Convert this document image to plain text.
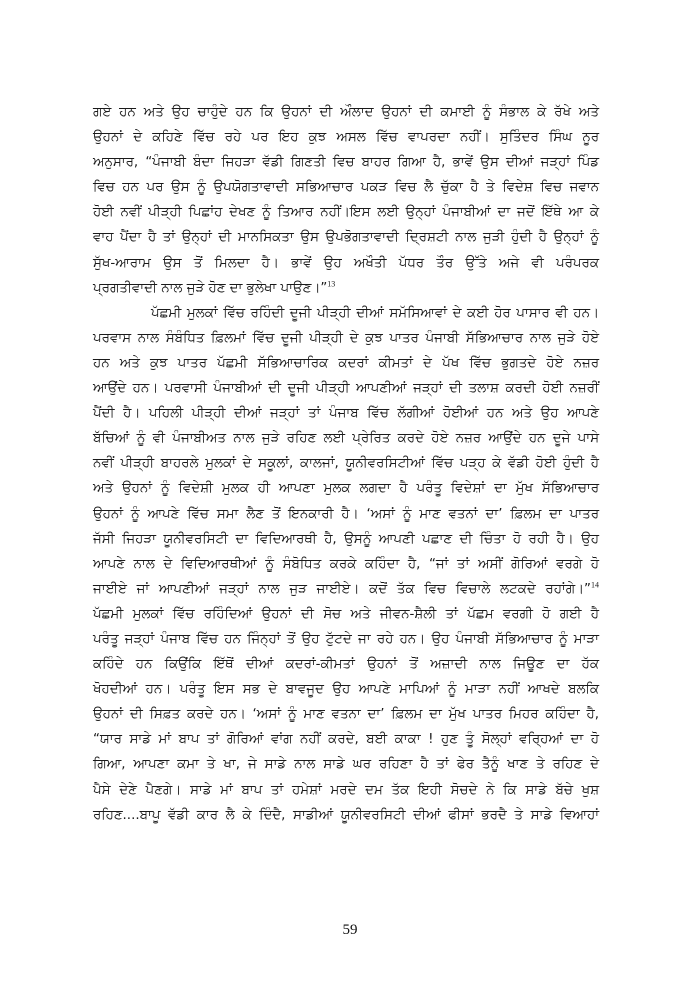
ਗਏ ਹਨ ਅਤੇ ਉਹ ਚਾਹੁੰਦੇ ਹਨ ਕਿ ਉਹਨਾਂ ਦੀ ਔਲਾਦ ਉਹਨਾਂ ਦੀ ਕਮਾਈ ਨੂੰ ਸੰਭਾਲ ਕੇ ਰੱਖੇ ਅਤੇ
ਉਹਨਾਂ ਦੇ ਕਹਿਣੇ ਵਿੱਚ ਰਹੇ ਪਰ ਇਹ ਕੁਝ ਅਸਲ ਵਿੱਚ ਵਾਪਰਦਾ ਨਹੀਂ। ਸੁਤਿੰਦਰ ਸਿੰਘ ਨੂਰ
ਅਨੁਸਾਰ, “ਪੰਜਾਬੀ ਬੰਦਾ ਜਿਹੜਾ ਵੱਡੀ ਗਿਣਤੀ ਵਿਚ ਬਾਹਰ ਗਿਆ ਹੈ, ਭਾਵੇਂ ਉਸ ਦੀਆਂ ਜੜ੍ਹਾਂ ਪਿੰਡ
ਵਿਚ ਹਨ ਪਰ ਉਸ ਨੂੰ ਉਪਯੋਗਤਾਵਾਦੀ ਸਭਿਆਚਾਰ ਪਕੜ ਵਿਚ ਲੈ ਚੁੱਕਾ ਹੈ ਤੇ ਵਿਦੇਸ਼ ਵਿਚ ਜਵਾਨ
ਹੋਈ ਨਵੀਂ ਪੀੜ੍ਹੀ ਪਿਛਾਂਹ ਦੇਖਣ ਨੂੰ ਤਿਆਰ ਨਹੀਂ।ਇਸ ਲਈ ਉਨ੍ਹਾਂ ਪੰਜਾਬੀਆਂ ਦਾ ਜਦੋਂ ਇੱਥੇ ਆ ਕੇ
ਵਾਹ ਪੈਂਦਾ ਹੈ ਤਾਂ ਉਨ੍ਹਾਂ ਦੀ ਮਾਨਸਿਕਤਾ ਉਸ ਉਪਭੋਗਤਾਵਾਦੀ ਦ੍ਰਿਸ਼ਟੀ ਨਾਲ ਜੁੜੀ ਹੁੰਦੀ ਹੈ ਉਨ੍ਹਾਂ ਨੂੰ
ਸੁੱਖ-ਆਰਾਮ ਉਸ ਤੋਂ ਮਿਲਦਾ ਹੈ। ਭਾਵੇਂ ਉਹ ਅਖੌਤੀ ਪੱਧਰ ਤੌਰ ਉੱਤੇ ਅਜੇ ਵੀ ਪਰੰਪਰਕ
ਪ੍ਰਗਤੀਵਾਦੀ ਨਾਲ ਜੁੜੇ ਹੋਣ ਦਾ ਭੁਲੇਖਾ ਪਾਉਣ।”$^{13}$
ਪੱਛਮੀ ਮੁਲਕਾਂ ਵਿੱਚ ਰਹਿੰਦੀ ਦੂਜੀ ਪੀੜ੍ਹੀ ਦੀਆਂ ਸਮੱਸਿਆਵਾਂ ਦੇ ਕਈ ਹੋਰ ਪਾਸਾਰ ਵੀ ਹਨ।
ਪਰਵਾਸ ਨਾਲ ਸੰਬੰਧਿਤ ਫ਼ਿਲਮਾਂ ਵਿੱਚ ਦੂਜੀ ਪੀੜ੍ਹੀ ਦੇ ਕੁਝ ਪਾਤਰ ਪੰਜਾਬੀ ਸੱਭਿਆਚਾਰ ਨਾਲ ਜੁੜੇ ਹੋਏ
ਹਨ ਅਤੇ ਕੁਝ ਪਾਤਰ ਪੱਛਮੀ ਸੱਭਿਆਚਾਰਿਕ ਕਦਰਾਂ ਕੀਮਤਾਂ ਦੇ ਪੱਖ ਵਿੱਚ ਭੁਗਤਦੇ ਹੋਏ ਨਜ਼ਰ
ਆਉਂਦੇ ਹਨ। ਪਰਵਾਸੀ ਪੰਜਾਬੀਆਂ ਦੀ ਦੂਜੀ ਪੀੜ੍ਹੀ ਆਪਣੀਆਂ ਜੜ੍ਹਾਂ ਦੀ ਤਲਾਸ਼ ਕਰਦੀ ਹੋਈ ਨਜ਼ਰੀਂ
ਪੈਂਦੀ ਹੈ। ਪਹਿਲੀ ਪੀੜ੍ਹੀ ਦੀਆਂ ਜੜ੍ਹਾਂ ਤਾਂ ਪੰਜਾਬ ਵਿੱਚ ਲੱਗੀਆਂ ਹੋਈਆਂ ਹਨ ਅਤੇ ਉਹ ਆਪਣੇ
ਬੱਚਿਆਂ ਨੂੰ ਵੀ ਪੰਜਾਬੀਅਤ ਨਾਲ ਜੁੜੇ ਰਹਿਣ ਲਈ ਪ੍ਰੇਰਿਤ ਕਰਦੇ ਹੋਏ ਨਜ਼ਰ ਆਉਂਦੇ ਹਨ ਦੂਜੇ ਪਾਸੇ
ਨਵੀਂ ਪੀੜ੍ਹੀ ਬਾਹਰਲੇ ਮੁਲਕਾਂ ਦੇ ਸਕੂਲਾਂ, ਕਾਲਜਾਂ, ਯੂਨੀਵਰਸਿਟੀਆਂ ਵਿੱਚ ਪੜ੍ਹ ਕੇ ਵੱਡੀ ਹੋਈ ਹੁੰਦੀ ਹੈ
ਅਤੇ ਉਹਨਾਂ ਨੂੰ ਵਿਦੇਸ਼ੀ ਮੁਲਕ ਹੀ ਆਪਣਾ ਮੁਲਕ ਲਗਦਾ ਹੈ ਪਰੰਤੂ ਵਿਦੇਸ਼ਾਂ ਦਾ ਮੁੱਖ ਸੱਭਿਆਚਾਰ
ਉਹਨਾਂ ਨੂੰ ਆਪਣੇ ਵਿੱਚ ਸਮਾ ਲੈਣ ਤੋਂ ਇਨਕਾਰੀ ਹੈ। ‘ਅਸਾਂ ਨੂੰ ਮਾਣ ਵਤਨਾਂ ਦਾ’ ਫ਼ਿਲਮ ਦਾ ਪਾਤਰ
ਜੱਸੀ ਜਿਹੜਾ ਯੂਨੀਵਰਸਿਟੀ ਦਾ ਵਿਦਿਆਰਥੀ ਹੈ, ਉਸਨੂੰ ਆਪਣੀ ਪਛਾਣ ਦੀ ਚਿੰਤਾ ਹੋ ਰਹੀ ਹੈ। ਉਹ
ਆਪਣੇ ਨਾਲ ਦੇ ਵਿਦਿਆਰਥੀਆਂ ਨੂੰ ਸੰਬੋਧਿਤ ਕਰਕੇ ਕਹਿੰਦਾ ਹੈ, “ਜਾਂ ਤਾਂ ਅਸੀਂ ਗੋਰਿਆਂ ਵਰਗੇ ਹੋ
ਜਾਈਏ ਜਾਂ ਆਪਣੀਆਂ ਜੜ੍ਹਾਂ ਨਾਲ ਜੁੜ ਜਾਈਏ। ਕਦੋਂ ਤੱਕ ਵਿਚ ਵਿਚਾਲੇ ਲਟਕਦੇ ਰਹਾਂਗੇ।”$^{14}$
ਪੱਛਮੀ ਮੁਲਕਾਂ ਵਿੱਚ ਰਹਿੰਦਿਆਂ ਉਹਨਾਂ ਦੀ ਸੋਚ ਅਤੇ ਜੀਵਨ-ਸ਼ੈਲੀ ਤਾਂ ਪੱਛਮ ਵਰਗੀ ਹੋ ਗਈ ਹੈ
ਪਰੰਤੂ ਜੜ੍ਹਾਂ ਪੰਜਾਬ ਵਿੱਚ ਹਨ ਜਿੰਨ੍ਹਾਂ ਤੋਂ ਉਹ ਟੁੱਟਦੇ ਜਾ ਰਹੇ ਹਨ। ਉਹ ਪੰਜਾਬੀ ਸੱਭਿਆਚਾਰ ਨੂੰ ਮਾੜਾ
ਕਹਿੰਦੇ ਹਨ ਕਿਉਂਕਿ ਇੱਥੋਂ ਦੀਆਂ ਕਦਰਾਂ-ਕੀਮਤਾਂ ਉਹਨਾਂ ਤੋਂ ਅਜ਼ਾਦੀ ਨਾਲ ਜਿਊਣ ਦਾ ਹੱਕ
ਖੋਹਦੀਆਂ ਹਨ। ਪਰੰਤੂ ਇਸ ਸਭ ਦੇ ਬਾਵਜੂਦ ਉਹ ਆਪਣੇ ਮਾਪਿਆਂ ਨੂੰ ਮਾੜਾ ਨਹੀਂ ਆਖਦੇ ਬਲਕਿ
ਉਹਨਾਂ ਦੀ ਸਿਫ਼ਤ ਕਰਦੇ ਹਨ। ‘ਅਸਾਂ ਨੂੰ ਮਾਣ ਵਤਨਾ ਦਾ’ ਫ਼ਿਲਮ ਦਾ ਮੁੱਖ ਪਾਤਰ ਮਿਹਰ ਕਹਿੰਦਾ ਹੈ,
“ਯਾਰ ਸਾਡੇ ਮਾਂ ਬਾਪ ਤਾਂ ਗੋਰਿਆਂ ਵਾਂਗ ਨਹੀਂ ਕਰਦੇ, ਬਈ ਕਾਕਾ ! ਹੁਣ ਤੂੰ ਸੋਲ੍ਹਾਂ ਵਰ੍ਹਿਆਂ ਦਾ ਹੋ
ਗਿਆ, ਆਪਣਾ ਕਮਾ ਤੇ ਖਾ, ਜੇ ਸਾਡੇ ਨਾਲ ਸਾਡੇ ਘਰ ਰਹਿਣਾ ਹੈ ਤਾਂ ਫੇਰ ਤੈਨੂੰ ਖਾਣ ਤੇ ਰਹਿਣ ਦੇ
ਪੈਸੇ ਦੇਣੇ ਪੈਣਗੇ। ਸਾਡੇ ਮਾਂ ਬਾਪ ਤਾਂ ਹਮੇਸ਼ਾਂ ਮਰਦੇ ਦਮ ਤੱਕ ਇਹੀ ਸੋਚਦੇ ਨੇ ਕਿ ਸਾਡੇ ਬੱਚੇ ਖੁਸ਼
ਰਹਿਣ....ਬਾਪੂ ਵੱਡੀ ਕਾਰ ਲੈ ਕੇ ਦਿੰਦੈ, ਸਾਡੀਆਂ ਯੂਨੀਵਰਸਿਟੀ ਦੀਆਂ ਫੀਸਾਂ ਭਰਦੈ ਤੇ ਸਾਡੇ ਵਿਆਹਾਂ
59
